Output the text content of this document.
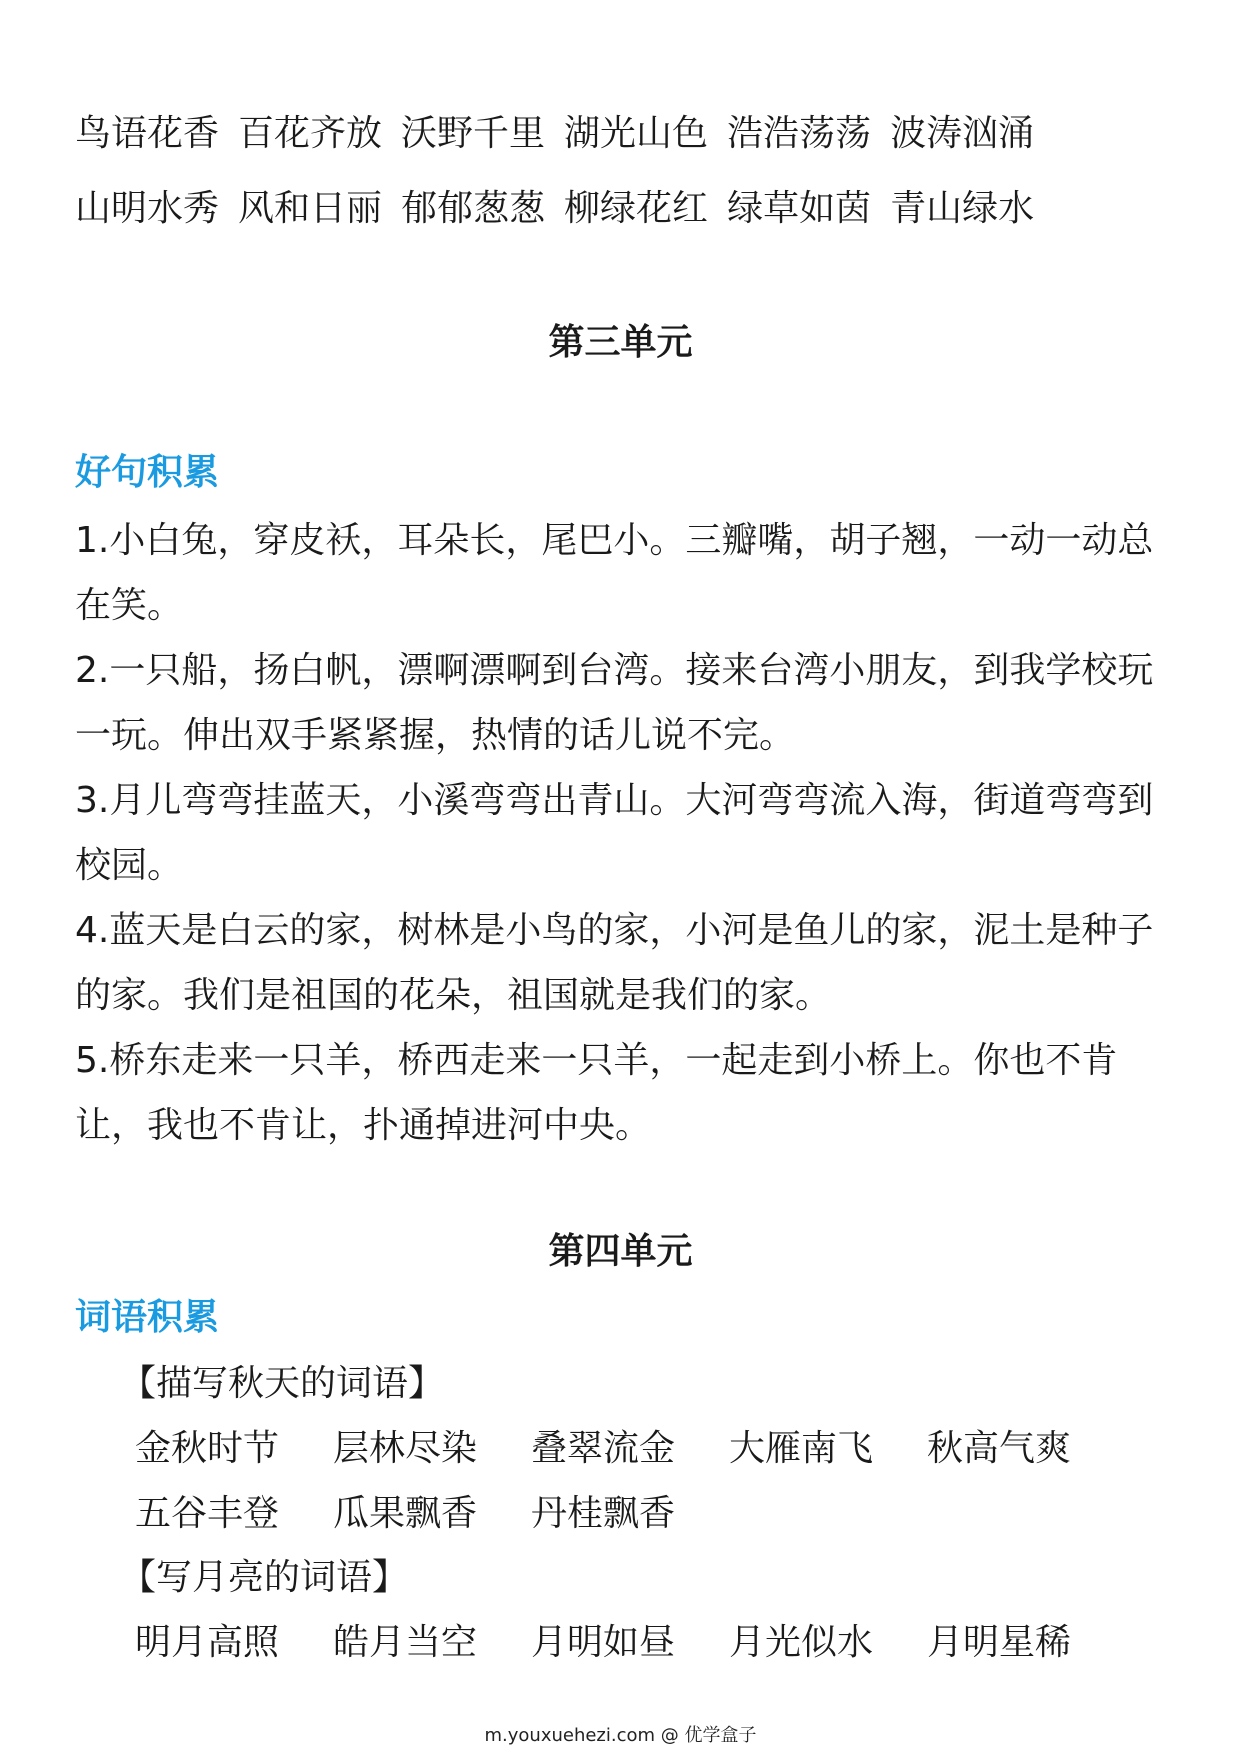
鸟语花香 百花齐放 沃野千里 湖光山色 浩浩荡荡 波涛汹涌
山明水秀 风和日丽 郁郁葱葱 柳绿花红 绿草如茵 青山绿水
第三单元
好句积累

1.小白兔，穿皮袄，耳朵长，尾巴小。三瓣嘴，胡子翘，一动一动总在笑。

2.一只船，扬白帆，漂啊漂啊到台湾。接来台湾小朋友，到我学校玩一玩。伸出双手紧紧握，热情的话儿说不完。

3.月儿弯弯挂蓝天，小溪弯弯出青山。大河弯弯流入海，街道弯弯到校园。

4.蓝天是白云的家，树林是小鸟的家，小河是鱼儿的家，泥土是种子的家。我们是祖国的花朵，祖国就是我们的家。

5.桥东走来一只羊，桥西走来一只羊，一起走到小桥上。你也不肯让，我也不肯让，扑通掉进河中央。

第四单元
词语积累
【描写秋天的词语】
金秋时节 层林尽染 叠翠流金 大雁南飞 秋高气爽
五谷丰登 瓜果飘香 丹桂飘香
【写月亮的词语】
明月高照 皓月当空 月明如昼 月光似水 月明星稀
m.youxuehezi.com @ 优学盒子
